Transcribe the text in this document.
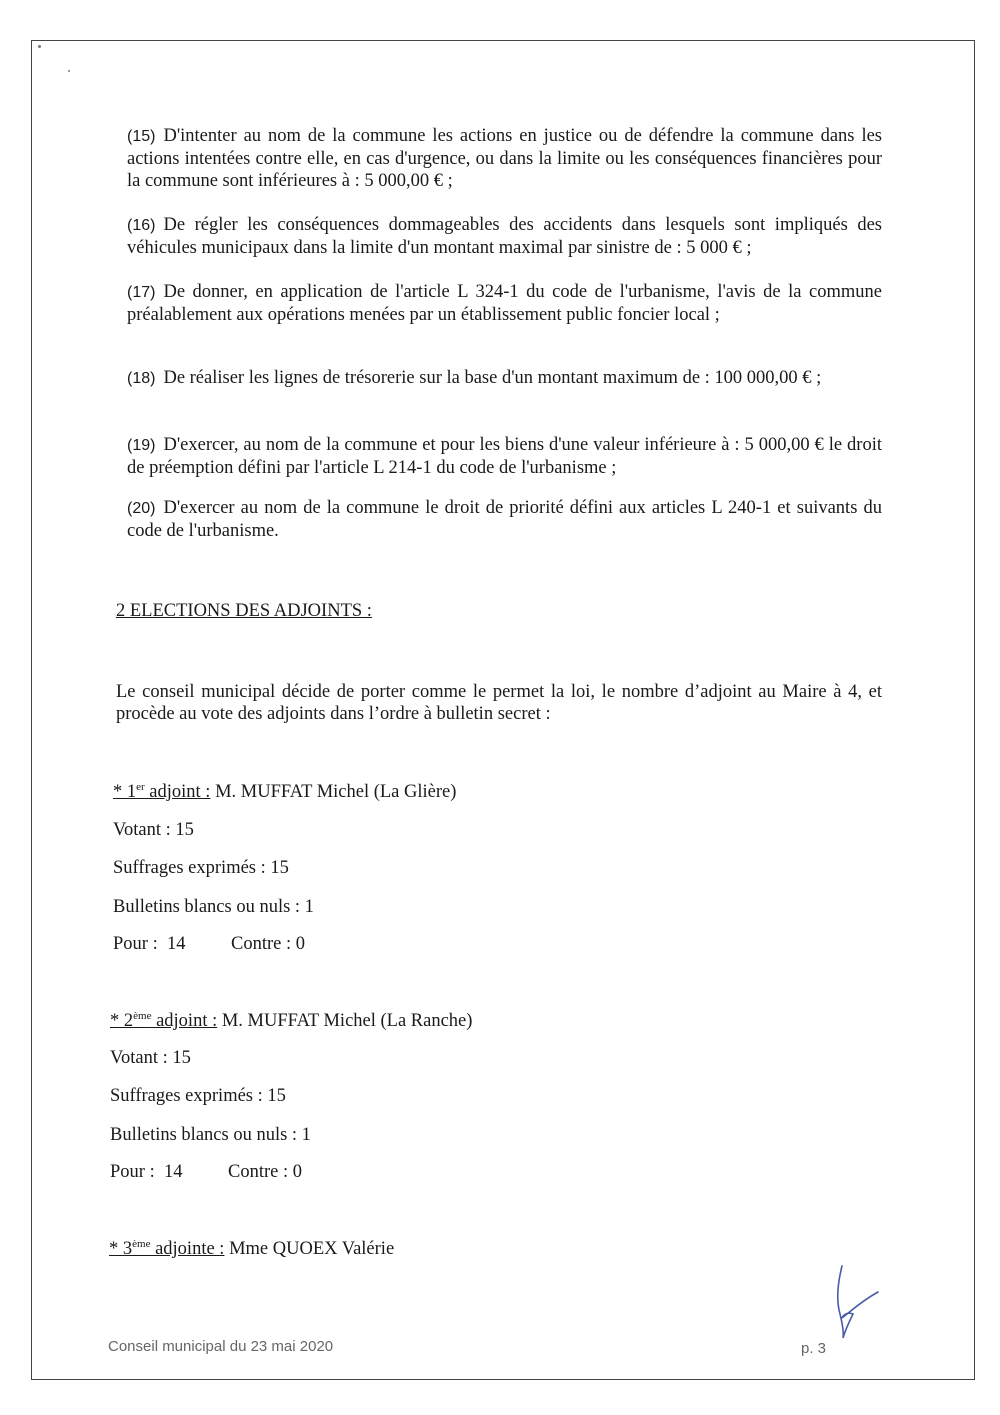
(15) D'intenter au nom de la commune les actions en justice ou de défendre la commune dans les actions intentées contre elle, en cas d'urgence, ou dans la limite ou les conséquences financières pour la commune sont inférieures à : 5 000,00 € ;
(16) De régler les conséquences dommageables des accidents dans lesquels sont impliqués des véhicules municipaux dans la limite d'un montant maximal par sinistre de : 5 000 € ;
(17) De donner, en application de l'article L 324-1 du code de l'urbanisme, l'avis de la commune préalablement aux opérations menées par un établissement public foncier local ;
(18) De réaliser les lignes de trésorerie sur la base d'un montant maximum de : 100 000,00 € ;
(19) D'exercer, au nom de la commune et pour les biens d'une valeur inférieure à : 5 000,00 € le droit de préemption défini par l'article L 214-1 du code de l'urbanisme ;
(20) D'exercer au nom de la commune le droit de priorité défini aux articles L 240-1 et suivants du code de l'urbanisme.
2 ELECTIONS DES ADJOINTS :
Le conseil municipal décide de porter comme le permet la loi, le nombre d’adjoint au Maire à 4, et procède au vote des adjoints dans l’ordre à bulletin secret :
* 1er adjoint : M. MUFFAT Michel (La Glière)
Votant : 15
Suffrages exprimés : 15
Bulletins blancs ou nuls : 1
Pour :  14 Contre : 0
* 2ème adjoint : M. MUFFAT Michel (La Ranche)
Votant : 15
Suffrages exprimés : 15
Bulletins blancs ou nuls : 1
Pour :  14 Contre : 0
* 3ème adjointe : Mme QUOEX Valérie
Conseil municipal du 23 mai 2020	p. 3
